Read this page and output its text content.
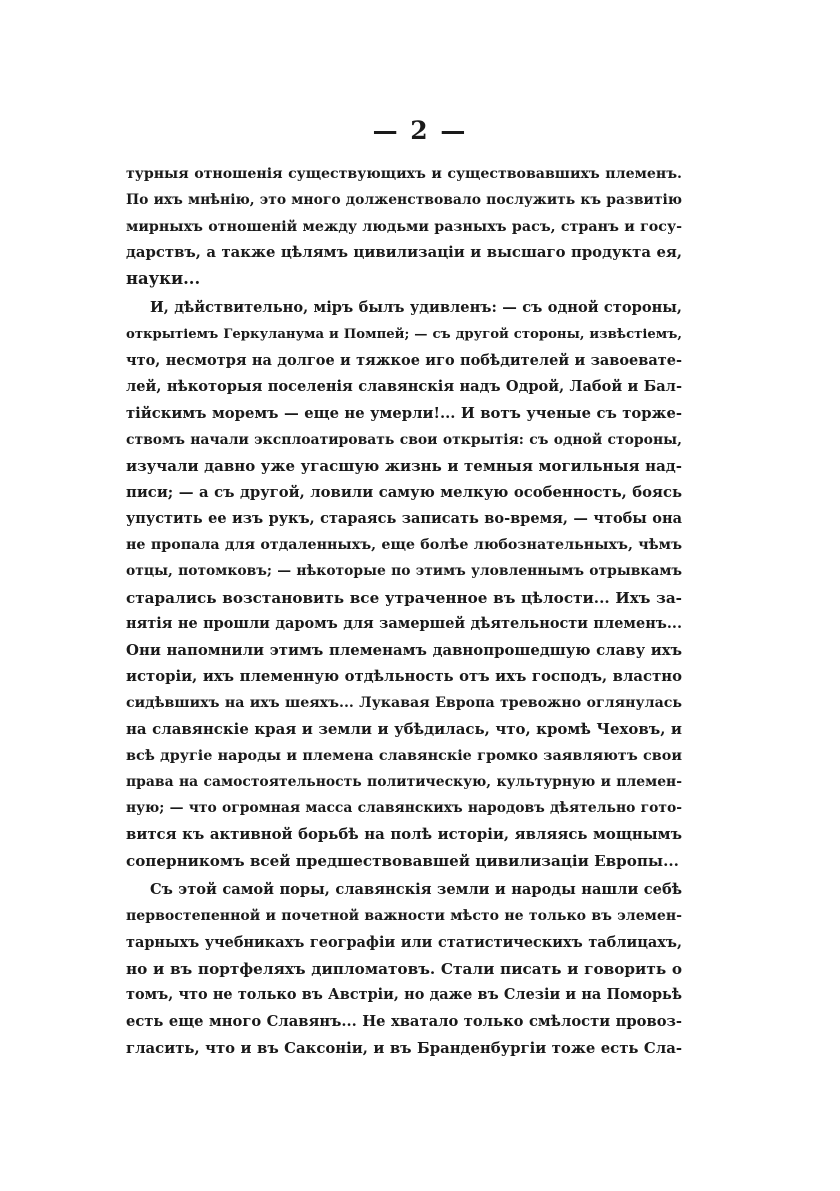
— 2 —
турныя отношенія существующихъ и существовавшихъ племенъ.
По ихъ мнѣнію, это много долженствовало послужить къ развитію
мирныхъ отношеній между людьми разныхъ расъ, странъ и госу-
дарствъ, а также цѣлямъ цивилизаціи и высшаго продукта ея,
науки...
И, дѣйствительно, міръ былъ удивленъ: — съ одной стороны,
открытіемъ Геркуланума и Помпей; — съ другой стороны, извѣстіемъ,
что, несмотря на долгое и тяжкое иго побѣдителей и завоевате-
лей, нѣкоторыя поселенія славянскія надъ Одрой, Лабой и Бал-
тійскимъ моремъ — еще не умерли!... И вотъ ученые съ торже-
ствомъ начали эксплоатировать свои открытія: съ одной стороны,
изучали давно уже угасшую жизнь и темныя могильныя над-
писи; — а съ другой, ловили самую мелкую особенность, боясь
упустить ее изъ рукъ, стараясь записать во-время, — чтобы она
не пропала для отдаленныхъ, еще болѣе любознательныхъ, чѣмъ
отцы, потомковъ; — нѣкоторые по этимъ уловленнымъ отрывкамъ
старались возстановить все утраченное въ цѣлости... Ихъ за-
нятія не прошли даромъ для замершей дѣятельности племенъ...
Они напомнили этимъ племенамъ давнопрошедшую славу ихъ
исторіи, ихъ племенную отдѣльность отъ ихъ господъ, властно
сидѣвшихъ на ихъ шеяхъ... Лукавая Европа тревожно оглянулась
на славянскіе края и земли и убѣдилась, что, кромѣ Чеховъ, и
всѣ другіе народы и племена славянскіе громко заявляютъ свои
права на самостоятельность политическую, культурную и племен-
ную; — что огромная масса славянскихъ народовъ дѣятельно гото-
вится къ активной борьбѣ на полѣ исторіи, являясь мощнымъ
соперникомъ всей предшествовавшей цивилизаціи Европы...
Съ этой самой поры, славянскія земли и народы нашли себѣ
первостепенной и почетной важности мѣсто не только въ элемен-
тарныхъ учебникахъ географіи или статистическихъ таблицахъ,
но и въ портфеляхъ дипломатовъ. Стали писать и говорить о
томъ, что не только въ Австріи, но даже въ Слезіи и на Поморьѣ
есть еще много Славянъ... Не хватало только смѣлости провоз-
гласить, что и въ Саксоніи, и въ Бранденбургіи тоже есть Сла-
